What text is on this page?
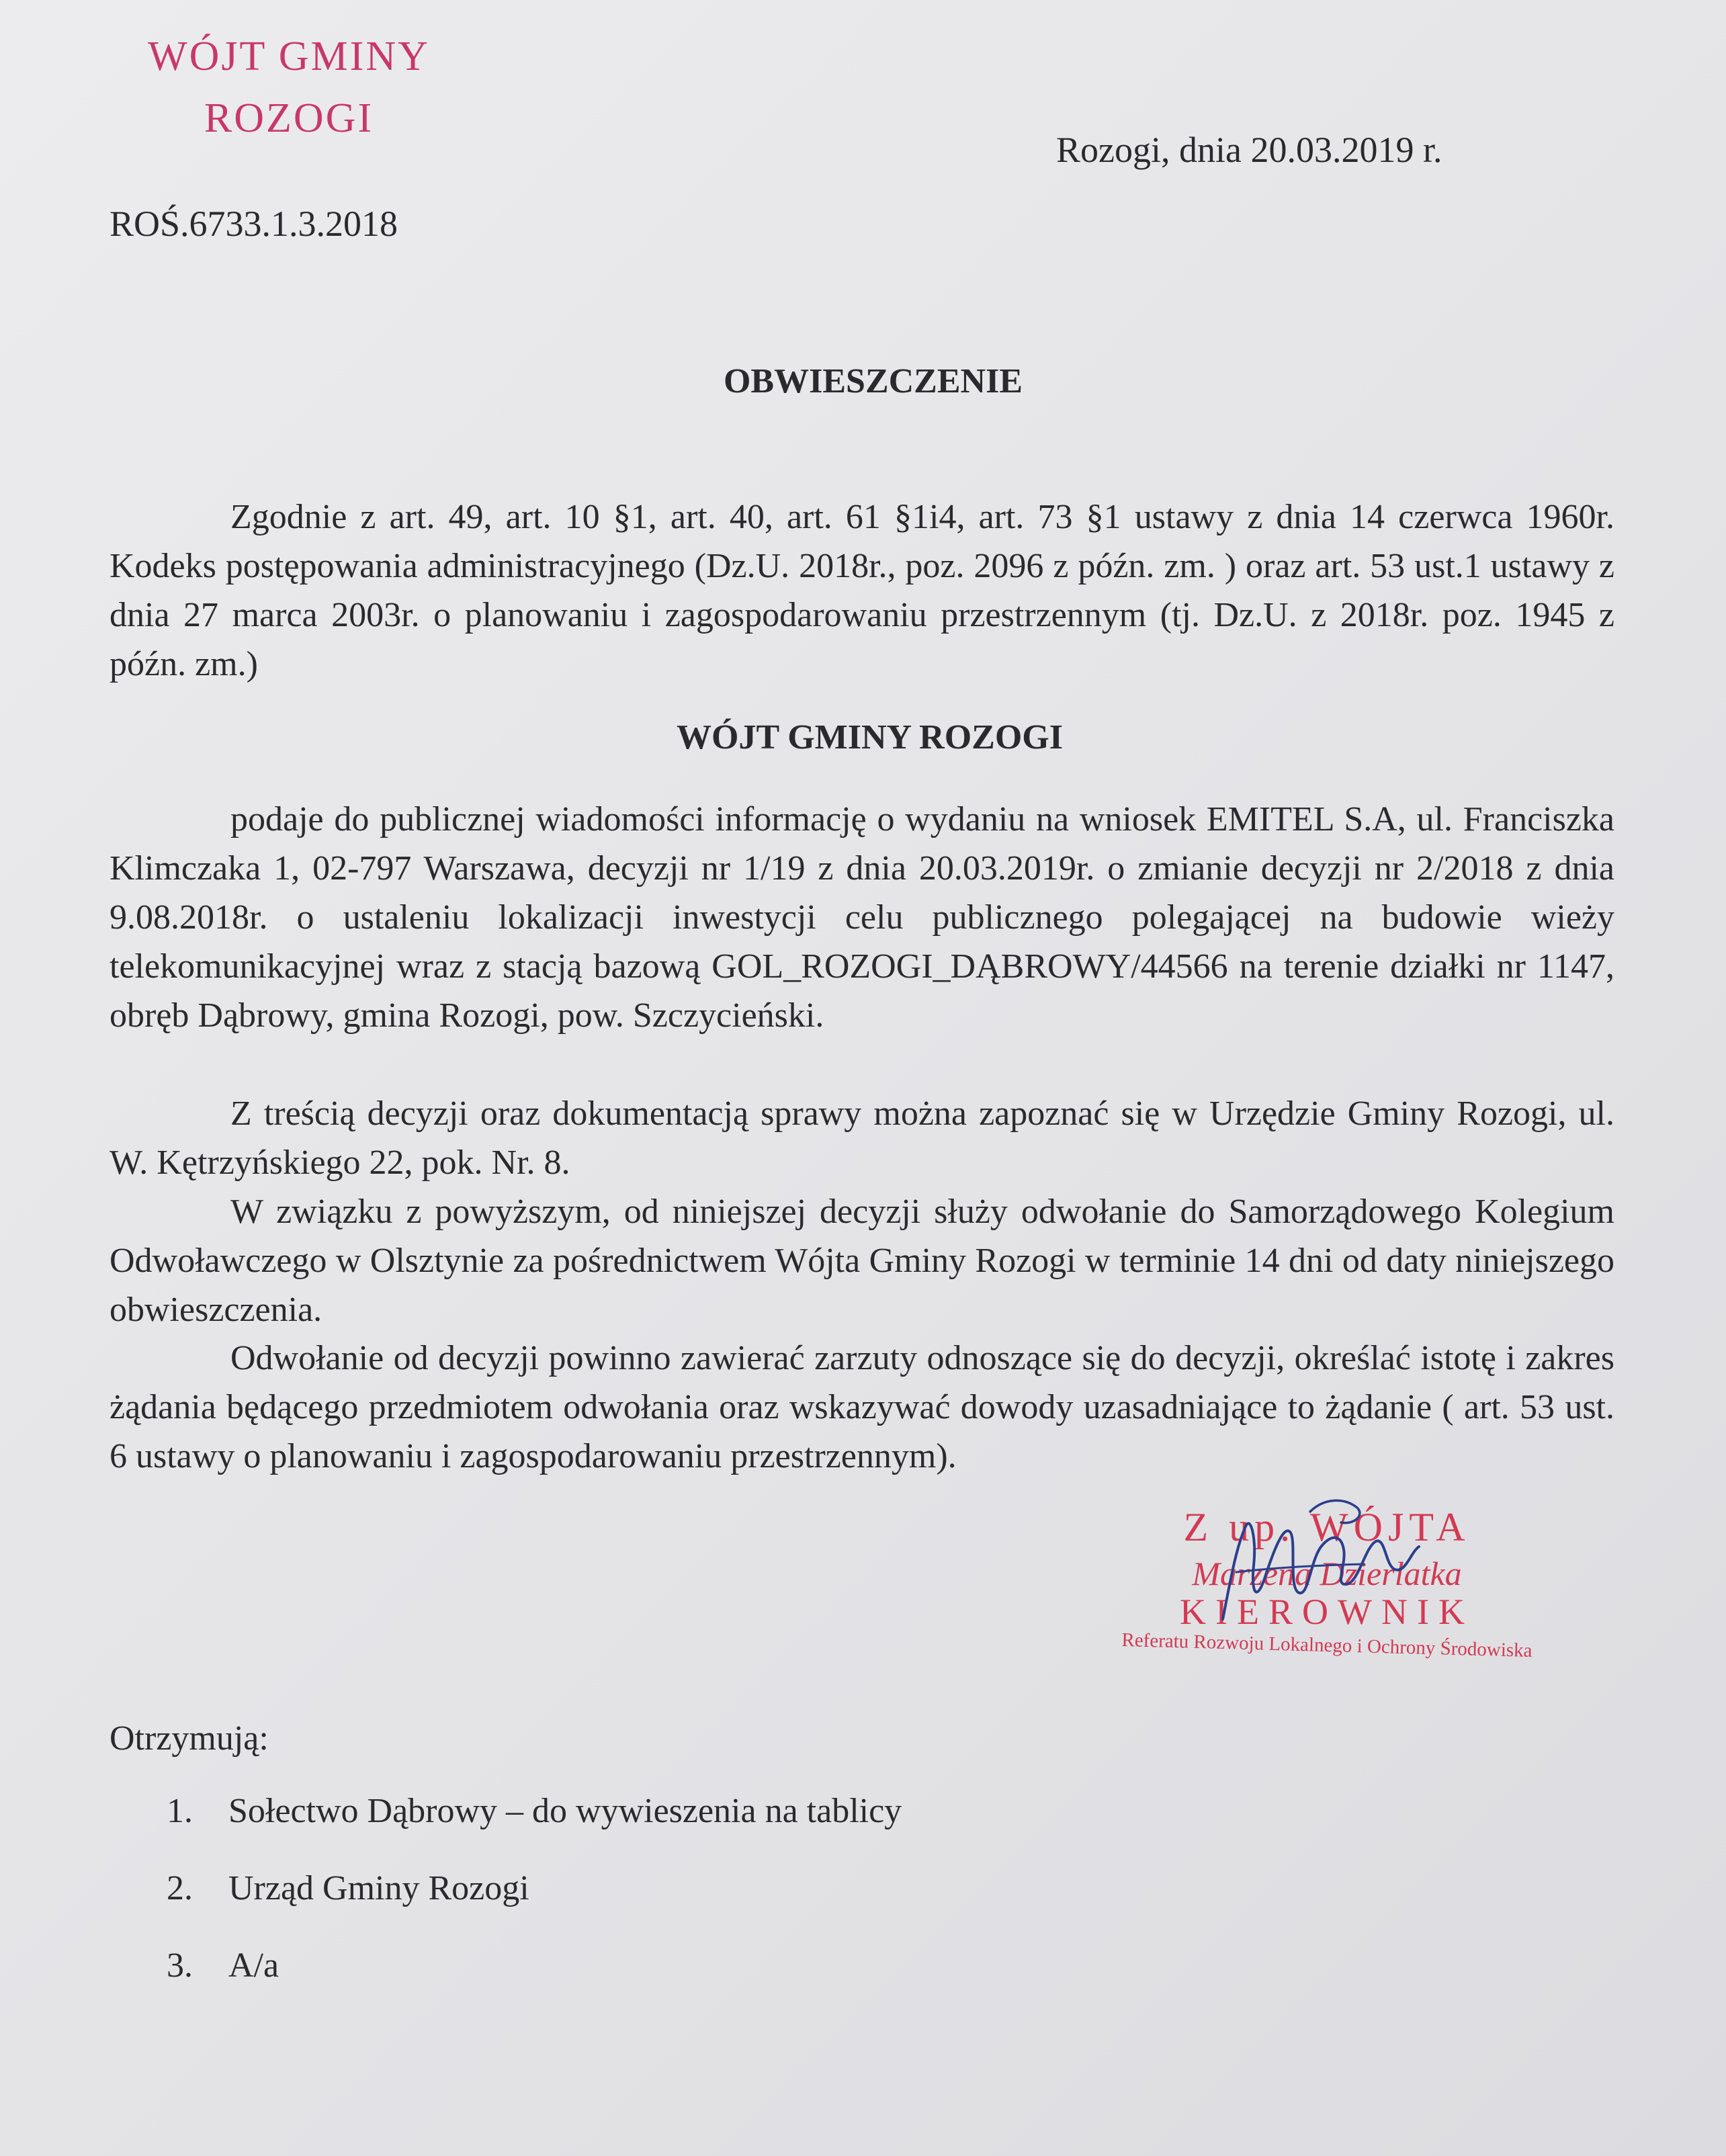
WÓJT GMINY
ROZOGI
Rozogi, dnia 20.03.2019 r.
ROŚ.6733.1.3.2018
OBWIESZCZENIE

Zgodnie z art. 49, art. 10 §1, art. 40, art. 61 §1i4, art. 73 §1 ustawy z dnia 14 czerwca 1960r. Kodeks postępowania administracyjnego (Dz.U. 2018r., poz. 2096 z późn. zm. ) oraz art. 53 ust.1 ustawy z dnia 27 marca 2003r. o planowaniu i zagospodarowaniu przestrzennym (tj. Dz.U. z 2018r. poz. 1945 z późn. zm.)

WÓJT GMINY ROZOGI

podaje do publicznej wiadomości informację o wydaniu na wniosek EMITEL S.A, ul. Franciszka Klimczaka 1, 02-797 Warszawa, decyzji nr 1/19 z dnia 20.03.2019r. o zmianie decyzji nr 2/2018 z dnia 9.08.2018r. o ustaleniu lokalizacji inwestycji celu publicznego polegającej na budowie wieży telekomunikacyjnej wraz z stacją bazową GOL_ROZOGI_DĄBROWY/44566 na terenie działki nr 1147, obręb Dąbrowy, gmina Rozogi, pow. Szczycieński.

Z treścią decyzji oraz dokumentacją sprawy można zapoznać się w Urzędzie Gminy Rozogi, ul. W. Kętrzyńskiego 22, pok. Nr. 8.

W związku z powyższym, od niniejszej decyzji służy odwołanie do Samorządowego Kolegium Odwoławczego w Olsztynie za pośrednictwem Wójta Gminy Rozogi w terminie 14 dni od daty niniejszego obwieszczenia.

Odwołanie od decyzji powinno zawierać zarzuty odnoszące się do decyzji, określać istotę i zakres żądania będącego przedmiotem odwołania oraz wskazywać dowody uzasadniające to żądanie ( art. 53 ust. 6 ustawy o planowaniu i zagospodarowaniu przestrzennym).

Z up. WÓJTA
Marzena Dzierlatka
KIEROWNIK
Referatu Rozwoju Lokalnego i Ochrony Środowiska
Otrzymują:
1. Sołectwo Dąbrowy – do wywieszenia na tablicy
2. Urząd Gminy Rozogi
3. A/a
